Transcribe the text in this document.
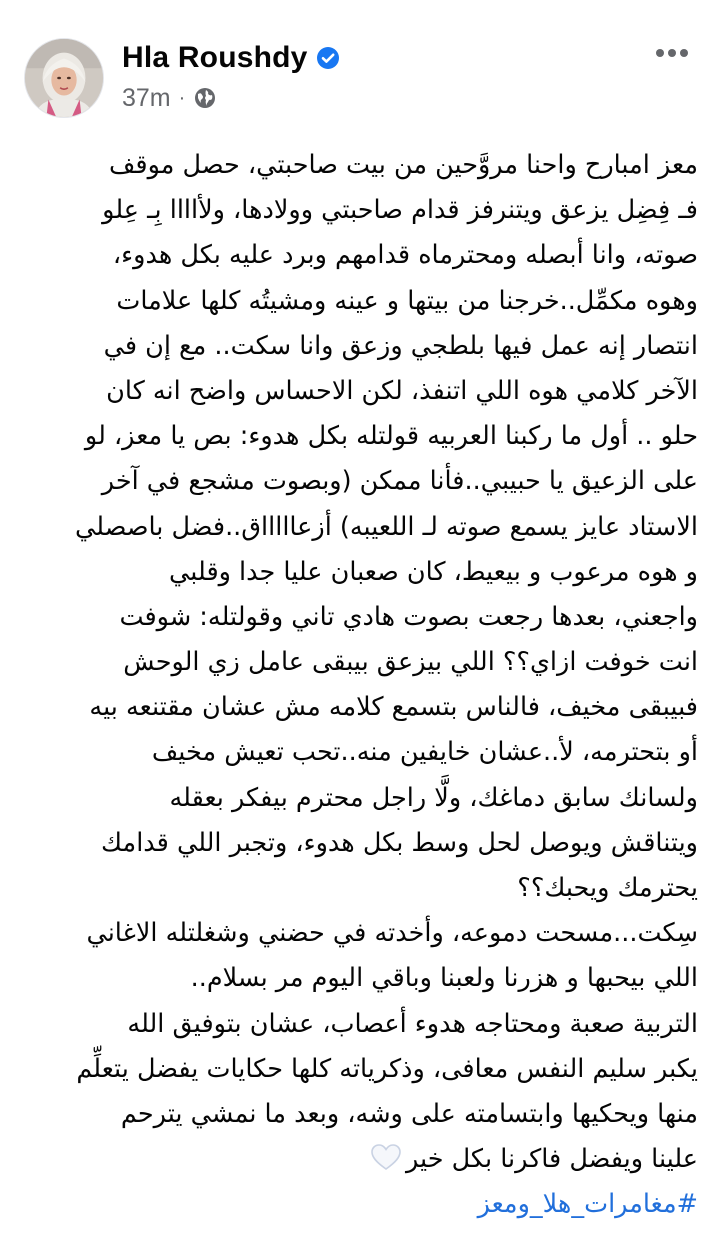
Hla Roushdy
37m ·
معز امبارح واحنا مروَّحين من بيت صاحبتي، حصل موقف
فـ فِضِل يزعق ويتنرفز قدام صاحبتي وولادها، ولأاااا بِـ عِلو
صوته، وانا أبصله ومحترماه قدامهم وبرد عليه بكل هدوء،
وهوه مكمِّل..خرجنا من بيتها و عينه ومشيتُه كلها علامات
انتصار إنه عمل فيها بلطجي وزعق وانا سكت.. مع إن في
الآخر كلامي هوه اللي اتنفذ، لكن الاحساس واضح انه كان
حلو .. أول ما ركبنا العربيه قولتله بكل هدوء: بص يا معز، لو
على الزعيق يا حبيبي..فأنا ممكن (وبصوت مشجع في آخر
الاستاد عايز يسمع صوته لـ اللعيبه) أزعاااااق..فضل باصصلي
و هوه مرعوب و بيعيط، كان صعبان عليا جدا وقلبي
واجعني، بعدها رجعت بصوت هادي تاني وقولتله: شوفت
انت خوفت ازاي؟؟ اللي بيزعق بيبقى عامل زي الوحش
فبيبقى مخيف، فالناس بتسمع كلامه مش عشان مقتنعه بيه
أو بتحترمه، لأ..عشان خايفين منه..تحب تعيش مخيف
ولسانك سابق دماغك، ولَّا راجل محترم بيفكر بعقله
ويتناقش ويوصل لحل وسط بكل هدوء، وتجبر اللي قدامك
يحترمك ويحبك؟؟
سِكت...مسحت دموعه، وأخدته في حضني وشغلتله الاغاني
اللي بيحبها و هزرنا ولعبنا وباقي اليوم مر بسلام..
التربية صعبة ومحتاجه هدوء أعصاب، عشان بتوفيق الله
يكبر سليم النفس معافى، وذكرياته كلها حكايات يفضل يتعلِّم
منها ويحكيها وابتسامته على وشه، وبعد ما نمشي يترحم
علينا ويفضل فاكرنا بكل خير
#مغامرات_هلا_ومعز
